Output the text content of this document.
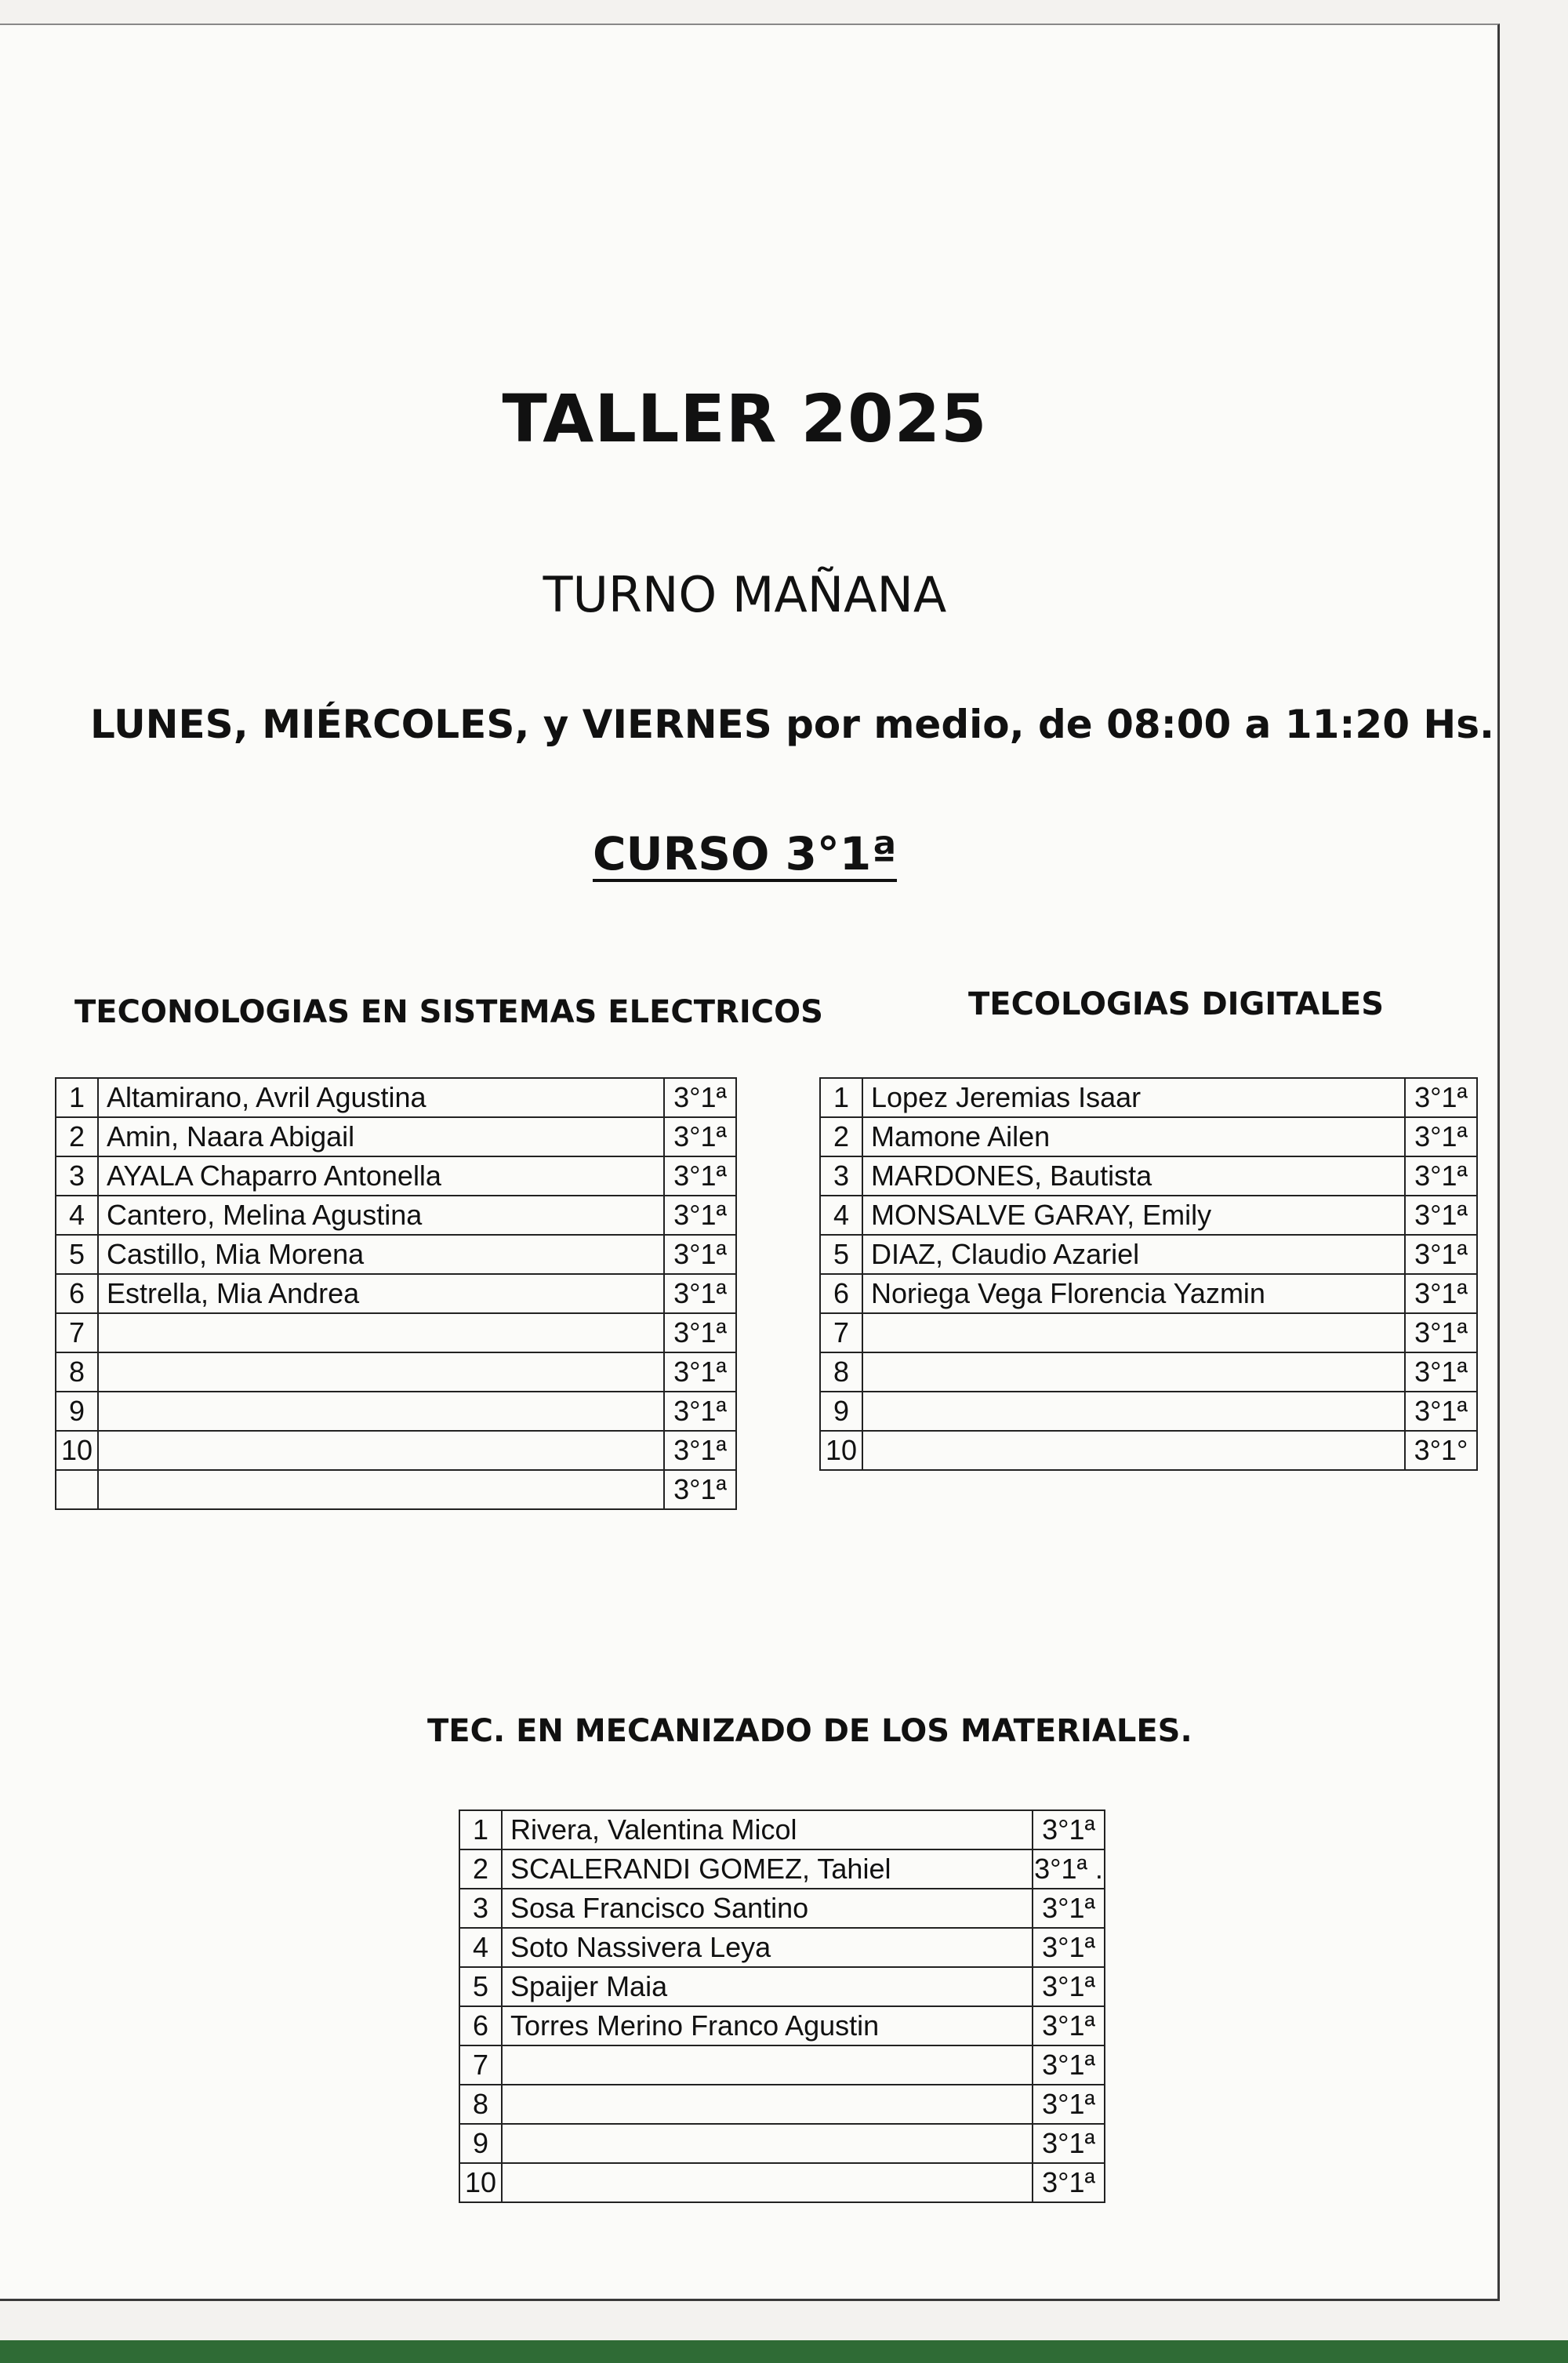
TALLER 2025
TURNO MAÑANA
LUNES, MIÉRCOLES, y VIERNES por medio, de 08:00 a 11:20 Hs.
CURSO 3°1ª
TECONOLOGIAS EN SISTEMAS ELECTRICOS	TECOLOGIAS DIGITALES
TEC. EN MECANIZADO DE LOS MATERIALES.
1	Altamirano, Avril Agustina	3°1ª
2	Amin, Naara Abigail	3°1ª
3	AYALA Chaparro Antonella	3°1ª
4	Cantero, Melina Agustina	3°1ª
5	Castillo, Mia Morena	3°1ª
6	Estrella, Mia Andrea	3°1ª
7		3°1ª
8		3°1ª
9		3°1ª
10		3°1ª
		3°1ª
1	Lopez Jeremias Isaar	3°1ª
2	Mamone Ailen	3°1ª
3	MARDONES, Bautista	3°1ª
4	MONSALVE GARAY, Emily	3°1ª
5	DIAZ, Claudio Azariel	3°1ª
6	Noriega Vega Florencia Yazmin	3°1ª
7		3°1ª
8		3°1ª
9		3°1ª
10		3°1°
1	Rivera, Valentina Micol	3°1ª
2	SCALERANDI GOMEZ, Tahiel	3°1ª .
3	Sosa Francisco Santino	3°1ª
4	Soto Nassivera Leya	3°1ª
5	Spaijer Maia	3°1ª
6	Torres Merino Franco Agustin	3°1ª
7		3°1ª
8		3°1ª
9		3°1ª
10		3°1ª
